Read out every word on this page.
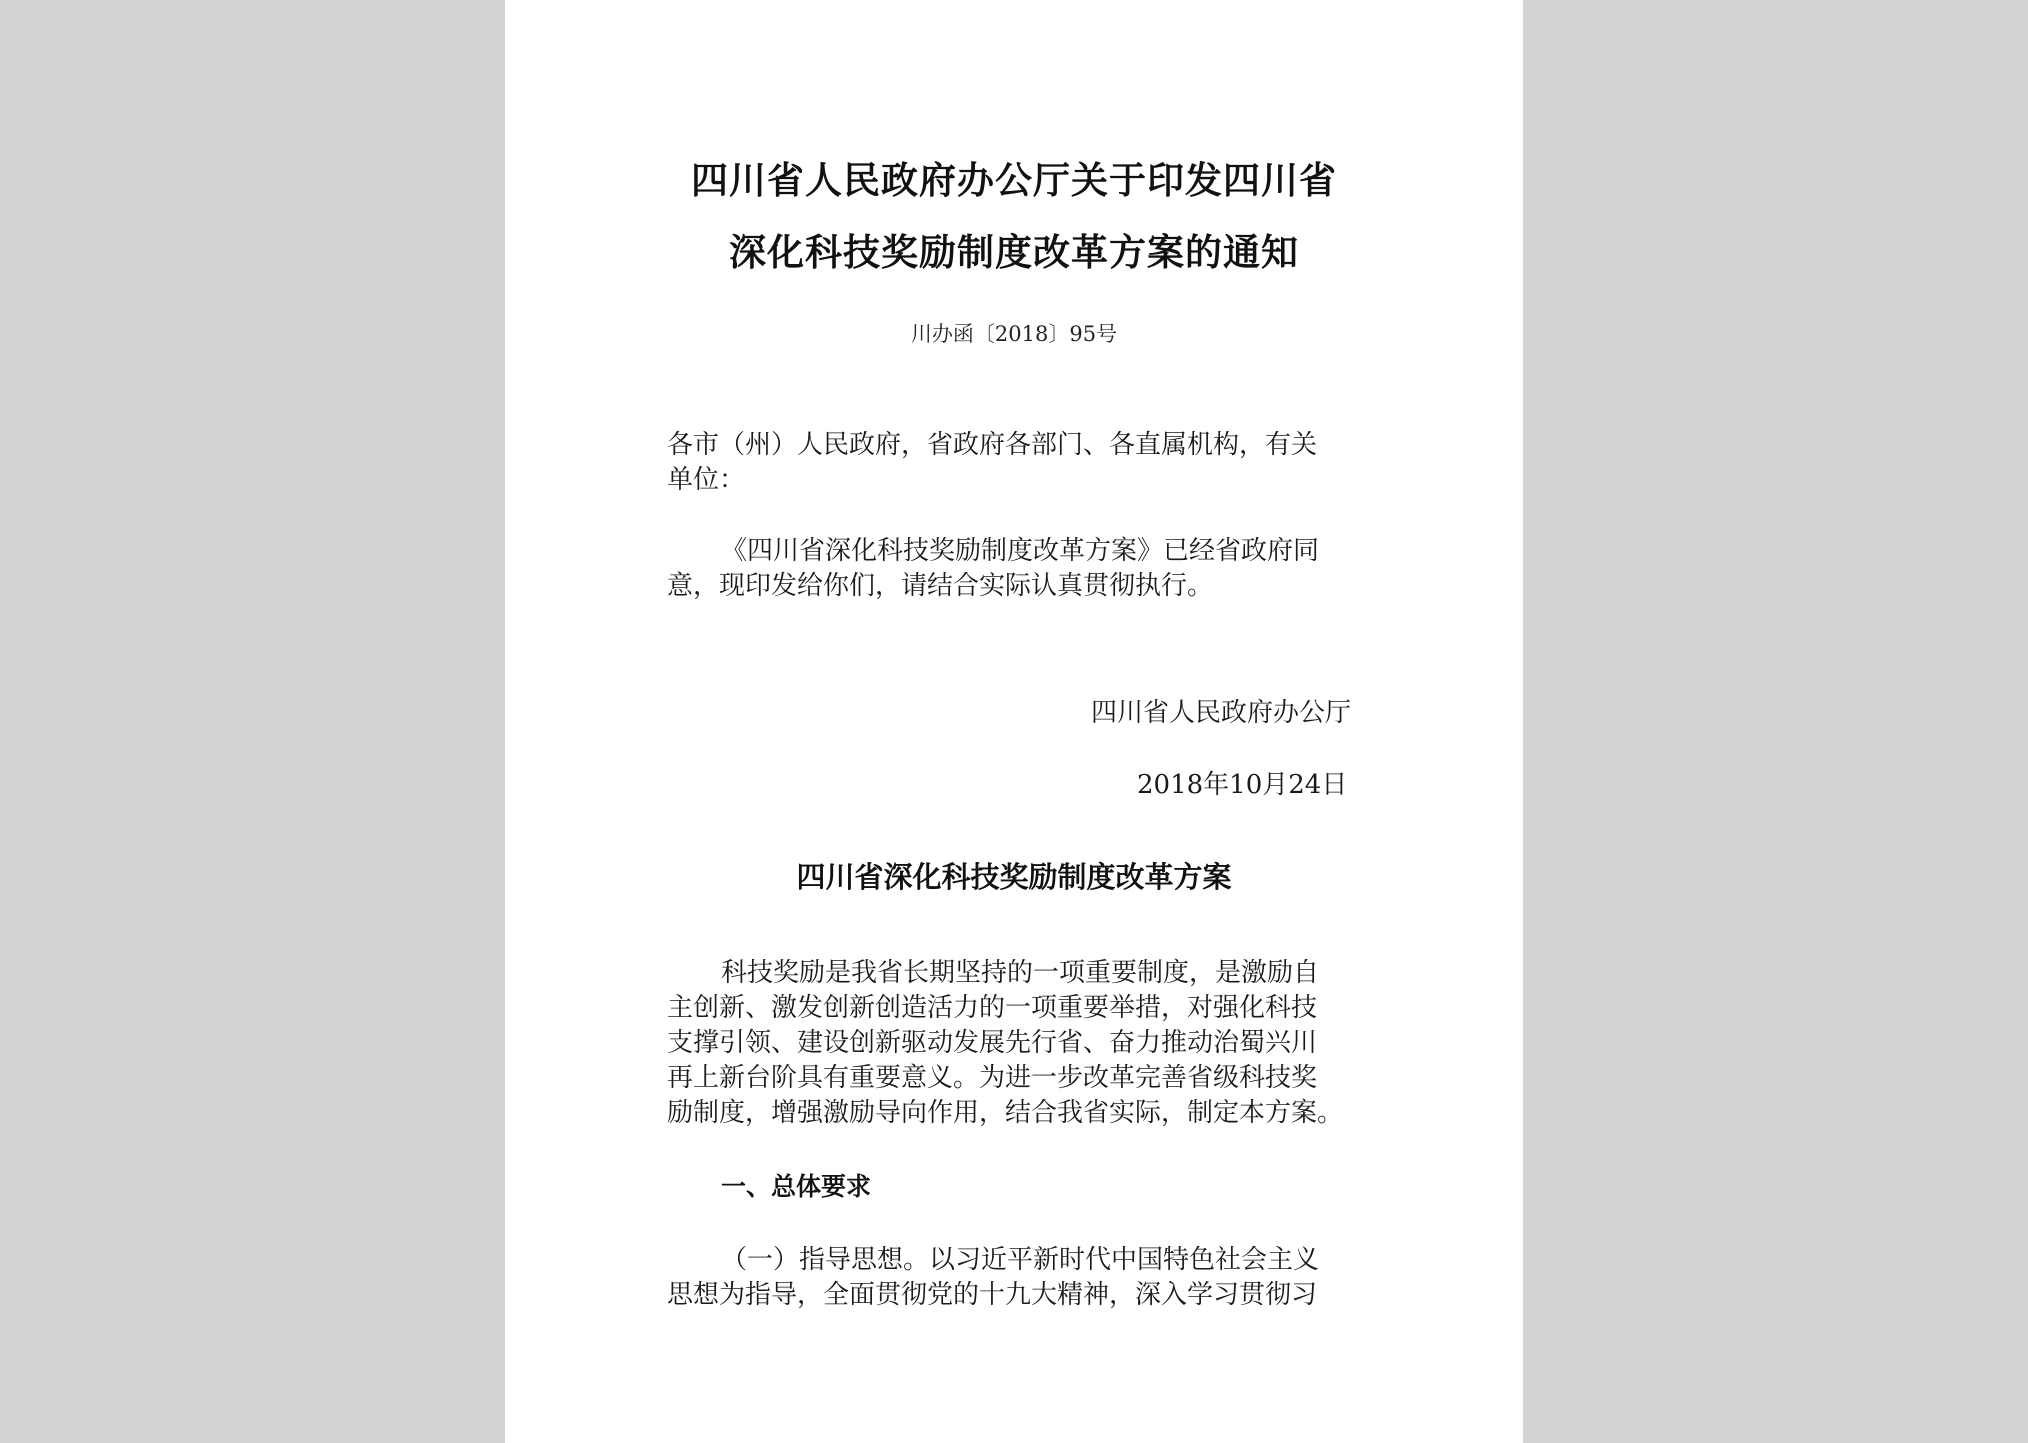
四川省人民政府办公厅关于印发四川省
深化科技奖励制度改革方案的通知
川办函〔2018〕95号
各市（州）人民政府，省政府各部门、各直属机构，有关
单位：
《四川省深化科技奖励制度改革方案》已经省政府同
意，现印发给你们，请结合实际认真贯彻执行。
四川省人民政府办公厅
2018年10月24日
四川省深化科技奖励制度改革方案
科技奖励是我省长期坚持的一项重要制度，是激励自
主创新、激发创新创造活力的一项重要举措，对强化科技
支撑引领、建设创新驱动发展先行省、奋力推动治蜀兴川
再上新台阶具有重要意义。为进一步改革完善省级科技奖
励制度，增强激励导向作用，结合我省实际，制定本方案。
一、总体要求
（一）指导思想。以习近平新时代中国特色社会主义
思想为指导，全面贯彻党的十九大精神，深入学习贯彻习
